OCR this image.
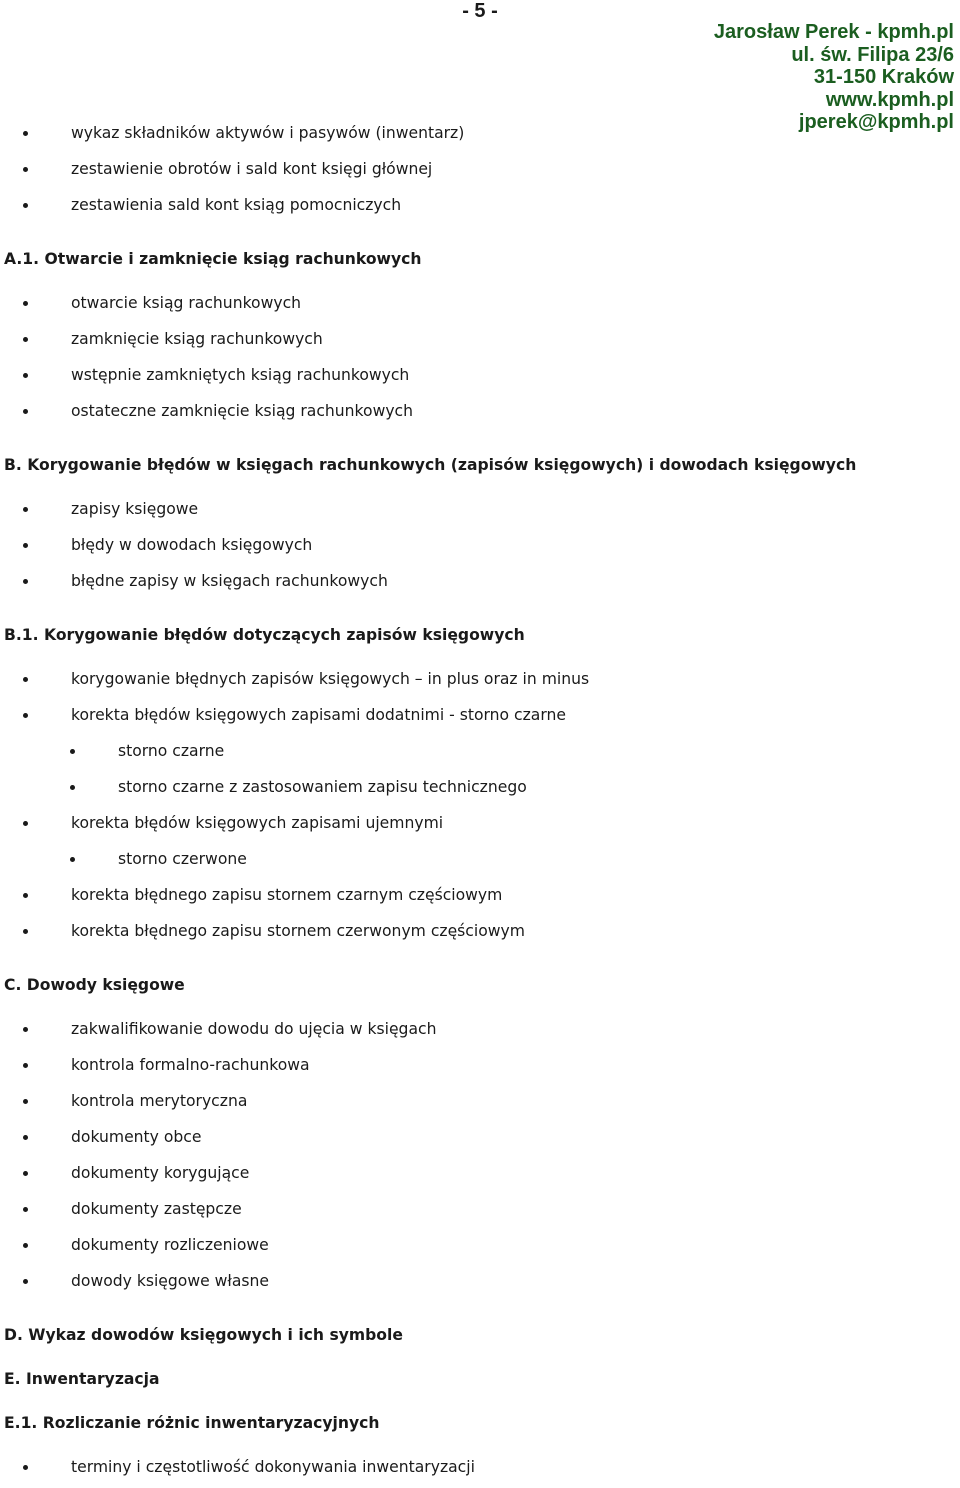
- 5 -
Jarosław Perek - kpmh.pl
ul. św. Filipa 23/6
31-150 Kraków
www.kpmh.pl
jperek@kpmh.pl
wykaz składników aktywów i pasywów (inwentarz)
zestawienie obrotów i sald kont księgi głównej
zestawienia sald kont ksiąg pomocniczych
A.1. Otwarcie i zamknięcie ksiąg rachunkowych
otwarcie ksiąg rachunkowych
zamknięcie ksiąg rachunkowych
wstępnie zamkniętych ksiąg rachunkowych
ostateczne zamknięcie ksiąg rachunkowych
B. Korygowanie błędów w księgach rachunkowych (zapisów księgowych) i dowodach księgowych
zapisy księgowe
błędy w dowodach księgowych
błędne zapisy w księgach rachunkowych
B.1. Korygowanie błędów dotyczących zapisów księgowych
korygowanie błędnych zapisów księgowych – in plus oraz in minus
korekta błędów księgowych zapisami dodatnimi - storno czarne
storno czarne
storno czarne z zastosowaniem zapisu technicznego
korekta błędów księgowych zapisami ujemnymi
storno czerwone
korekta błędnego zapisu stornem czarnym częściowym
korekta błędnego zapisu stornem czerwonym częściowym
C. Dowody księgowe
zakwalifikowanie dowodu do ujęcia w księgach
kontrola formalno-rachunkowa
kontrola merytoryczna
dokumenty obce
dokumenty korygujące
dokumenty zastępcze
dokumenty rozliczeniowe
dowody księgowe własne
D. Wykaz dowodów księgowych i ich symbole
E. Inwentaryzacja
E.1. Rozliczanie różnic inwentaryzacyjnych
terminy i częstotliwość dokonywania inwentaryzacji
